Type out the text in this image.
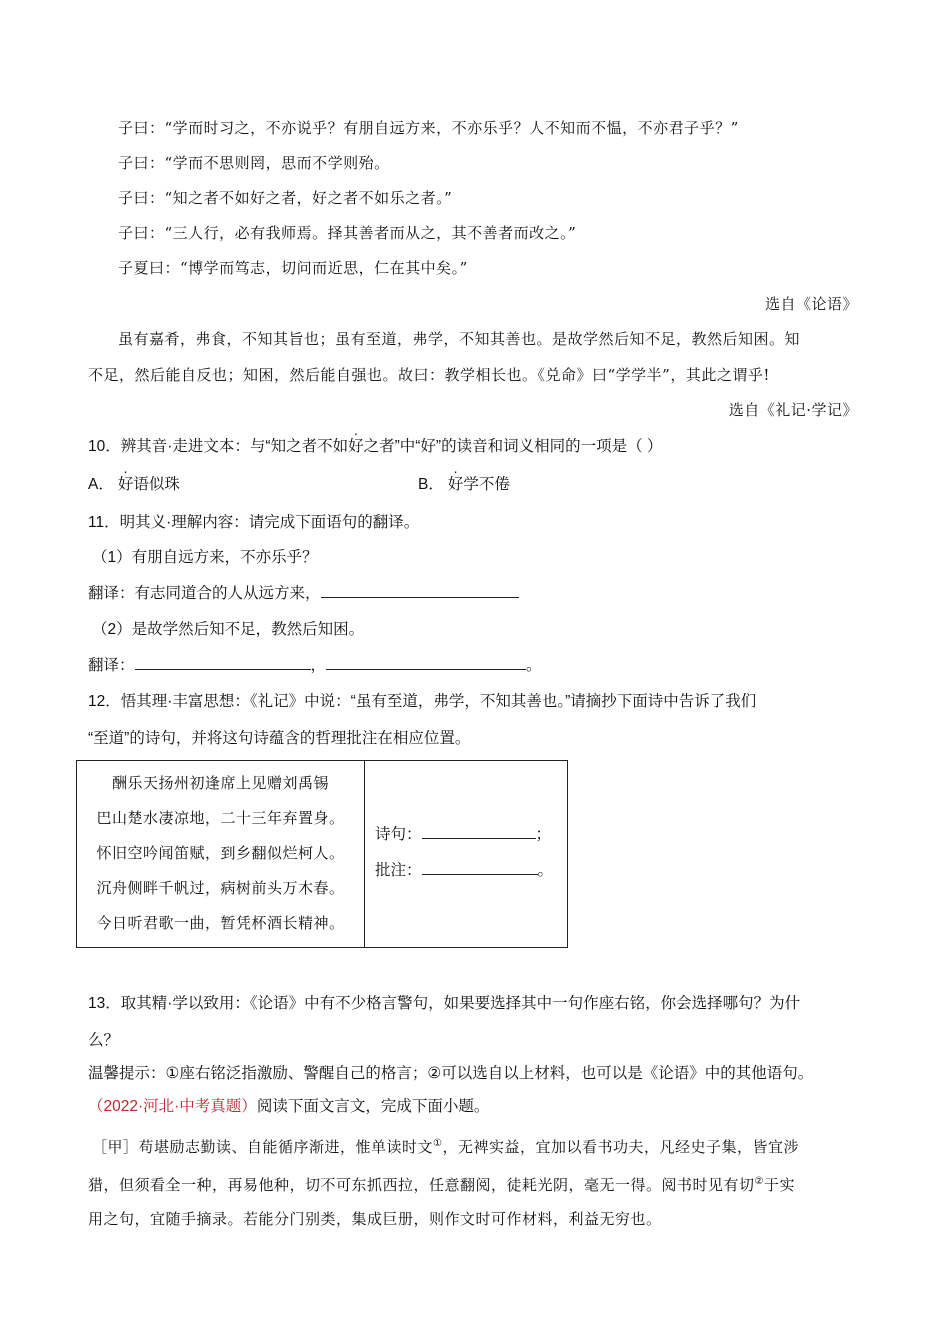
子曰：“学而时习之，不亦说乎？有朋自远方来，不亦乐乎？人不知而不愠，不亦君子乎？”
子曰：“学而不思则罔，思而不学则殆。
子曰：“知之者不如好之者，好之者不如乐之者。”
子曰：“三人行，必有我师焉。择其善者而从之，其不善者而改之。”
子夏曰：“博学而笃志，切问而近思，仁在其中矣。”
选自《论语》
虽有嘉肴，弗食，不知其旨也；虽有至道，弗学，不知其善也。是故学然后知不足，教然后知困。知
不足，然后能自反也；知困，然后能自强也。故曰：教学相长也。《兑命》曰“学学半”，其此之谓乎!
选自《礼记·学记》
10．辨其音·走进文本：与“知之者不如好之者”中“好”的读音和词义相同的一项是（ ）
A． 好语似珠	B． 好学不倦
11．明其义·理解内容：请完成下面语句的翻译。
（1）有朋自远方来，不亦乐乎？
翻译：有志同道合的人从远方来，
（2）是故学然后知不足，教然后知困。
翻译：	，	。
12．悟其理·丰富思想：《礼记》中说：“虽有至道，弗学，不知其善也。”请摘抄下面诗中告诉了我们
“至道”的诗句，并将这句诗蕴含的哲理批注在相应位置。
酬乐天扬州初逢席上见赠刘禹锡
巴山楚水凄凉地，二十三年弃置身。
怀旧空吟闻笛赋，到乡翻似烂柯人。
沉舟侧畔千帆过，病树前头万木春。
今日听君歌一曲，暂凭杯酒长精神。

诗句：	；
批注：	。
13．取其精·学以致用：《论语》中有不少格言警句，如果要选择其中一句作座右铭，你会选择哪句？为什
么？
温馨提示：①座右铭泛指激励、警醒自己的格言；②可以选自以上材料，也可以是《论语》中的其他语句。
（2022·河北·中考真题）阅读下面文言文，完成下面小题。
［甲］苟堪励志勤读、自能循序渐进，惟单读时文①，无裨实益，宜加以看书功夫，凡经史子集，皆宜涉
猎，但须看全一种，再易他种，切不可东抓西拉，任意翻阅，徒耗光阴，毫无一得。阅书时见有切②于实
用之句，宜随手摘录。若能分门别类，集成巨册，则作文时可作材料，利益无穷也。
